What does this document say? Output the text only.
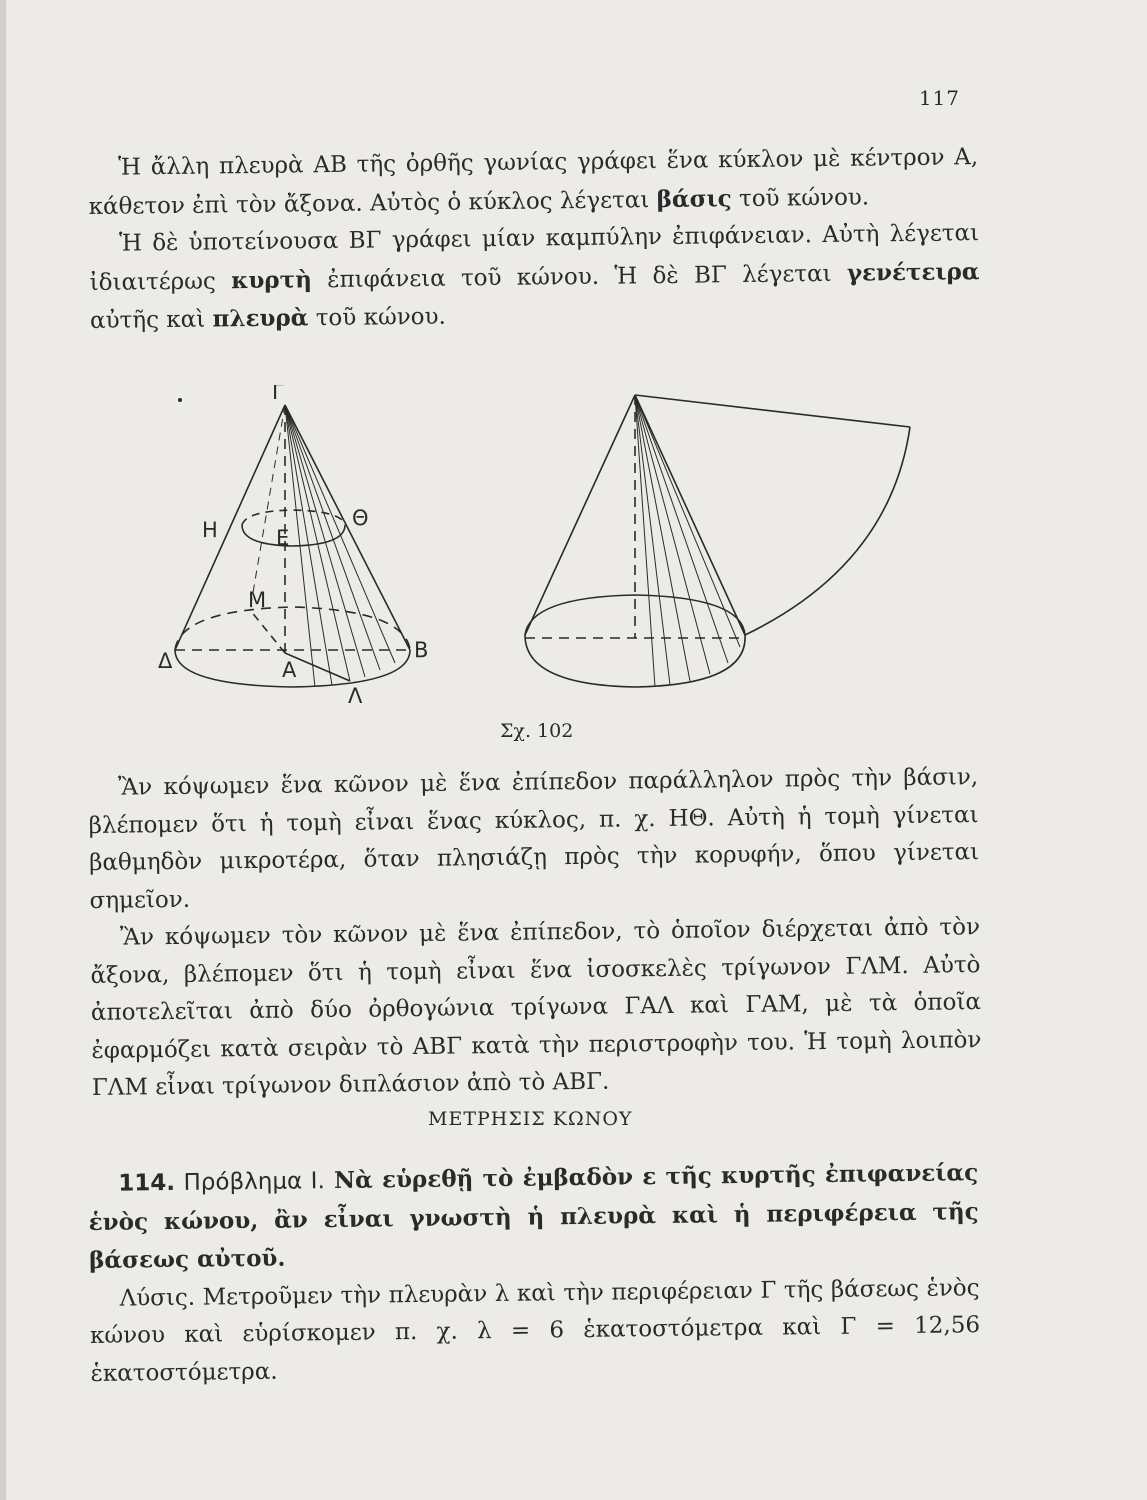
117

Ἡ ἄλλη πλευρὰ ΑΒ τῆς ὀρθῆς γωνίας γράφει ἕνα κύκλον μὲ κέντρον Α, κάθετον ἐπὶ τὸν ἄξονα. Αὐτὸς ὁ κύκλος λέγεται βάσις τοῦ κώνου.

Ἡ δὲ ὑποτείνουσα ΒΓ γράφει μίαν καμπύλην ἐπιφάνειαν. Αὐτὴ λέγεται ἰδιαιτέρως κυρτὴ ἐπιφάνεια τοῦ κώνου. Ἡ δὲ ΒΓ λέγεται γενέτειρα αὐτῆς καὶ πλευρὰ τοῦ κώνου.

Γ
Η	Ε
Θ
Μ
Δ	Α
Β
Λ
Σχ. 102

Ἂν κόψωμεν ἕνα κῶνον μὲ ἕνα ἐπίπεδον παράλληλον πρὸς τὴν βάσιν, βλέπομεν ὅτι ἡ τομὴ εἶναι ἕνας κύκλος, π. χ. ΗΘ. Αὐτὴ ἡ τομὴ γίνεται βαθμηδὸν μικροτέρα, ὅταν πλησιάζῃ πρὸς τὴν κορυφήν, ὅπου γίνεται σημεῖον.

Ἂν κόψωμεν τὸν κῶνον μὲ ἕνα ἐπίπεδον, τὸ ὁποῖον διέρχεται ἀπὸ τὸν ἄξονα, βλέπομεν ὅτι ἡ τομὴ εἶναι ἕνα ἰσοσκελὲς τρίγωνον ΓΛΜ. Αὐτὸ ἀποτελεῖται ἀπὸ δύο ὀρθογώνια τρίγωνα ΓΑΛ καὶ ΓΑΜ, μὲ τὰ ὁποῖα ἐφαρμόζει κατὰ σειρὰν τὸ ΑΒΓ κατὰ τὴν περιστροφὴν του. Ἡ τομὴ λοιπὸν ΓΛΜ εἶναι τρίγωνον διπλάσιον ἀπὸ τὸ ΑΒΓ.

ΜΕΤΡΗΣΙΣ ΚΩΝΟΥ

114. Πρόβλημα Ι. Νὰ εὑρεθῇ τὸ ἐμβαδὸν ε τῆς κυρτῆς ἐπιφανείας ἑνὸς κώνου, ἂν εἶναι γνωστὴ ἡ πλευρὰ καὶ ἡ περιφέρεια τῆς βάσεως αὐτοῦ.

Λύσις. Μετροῦμεν τὴν πλευρὰν λ καὶ τὴν περιφέρειαν Γ τῆς βάσεως ἑνὸς κώνου καὶ εὑρίσκομεν π. χ. λ = 6 ἑκατοστόμετρα καὶ Γ = 12,56 ἑκατοστόμετρα.
